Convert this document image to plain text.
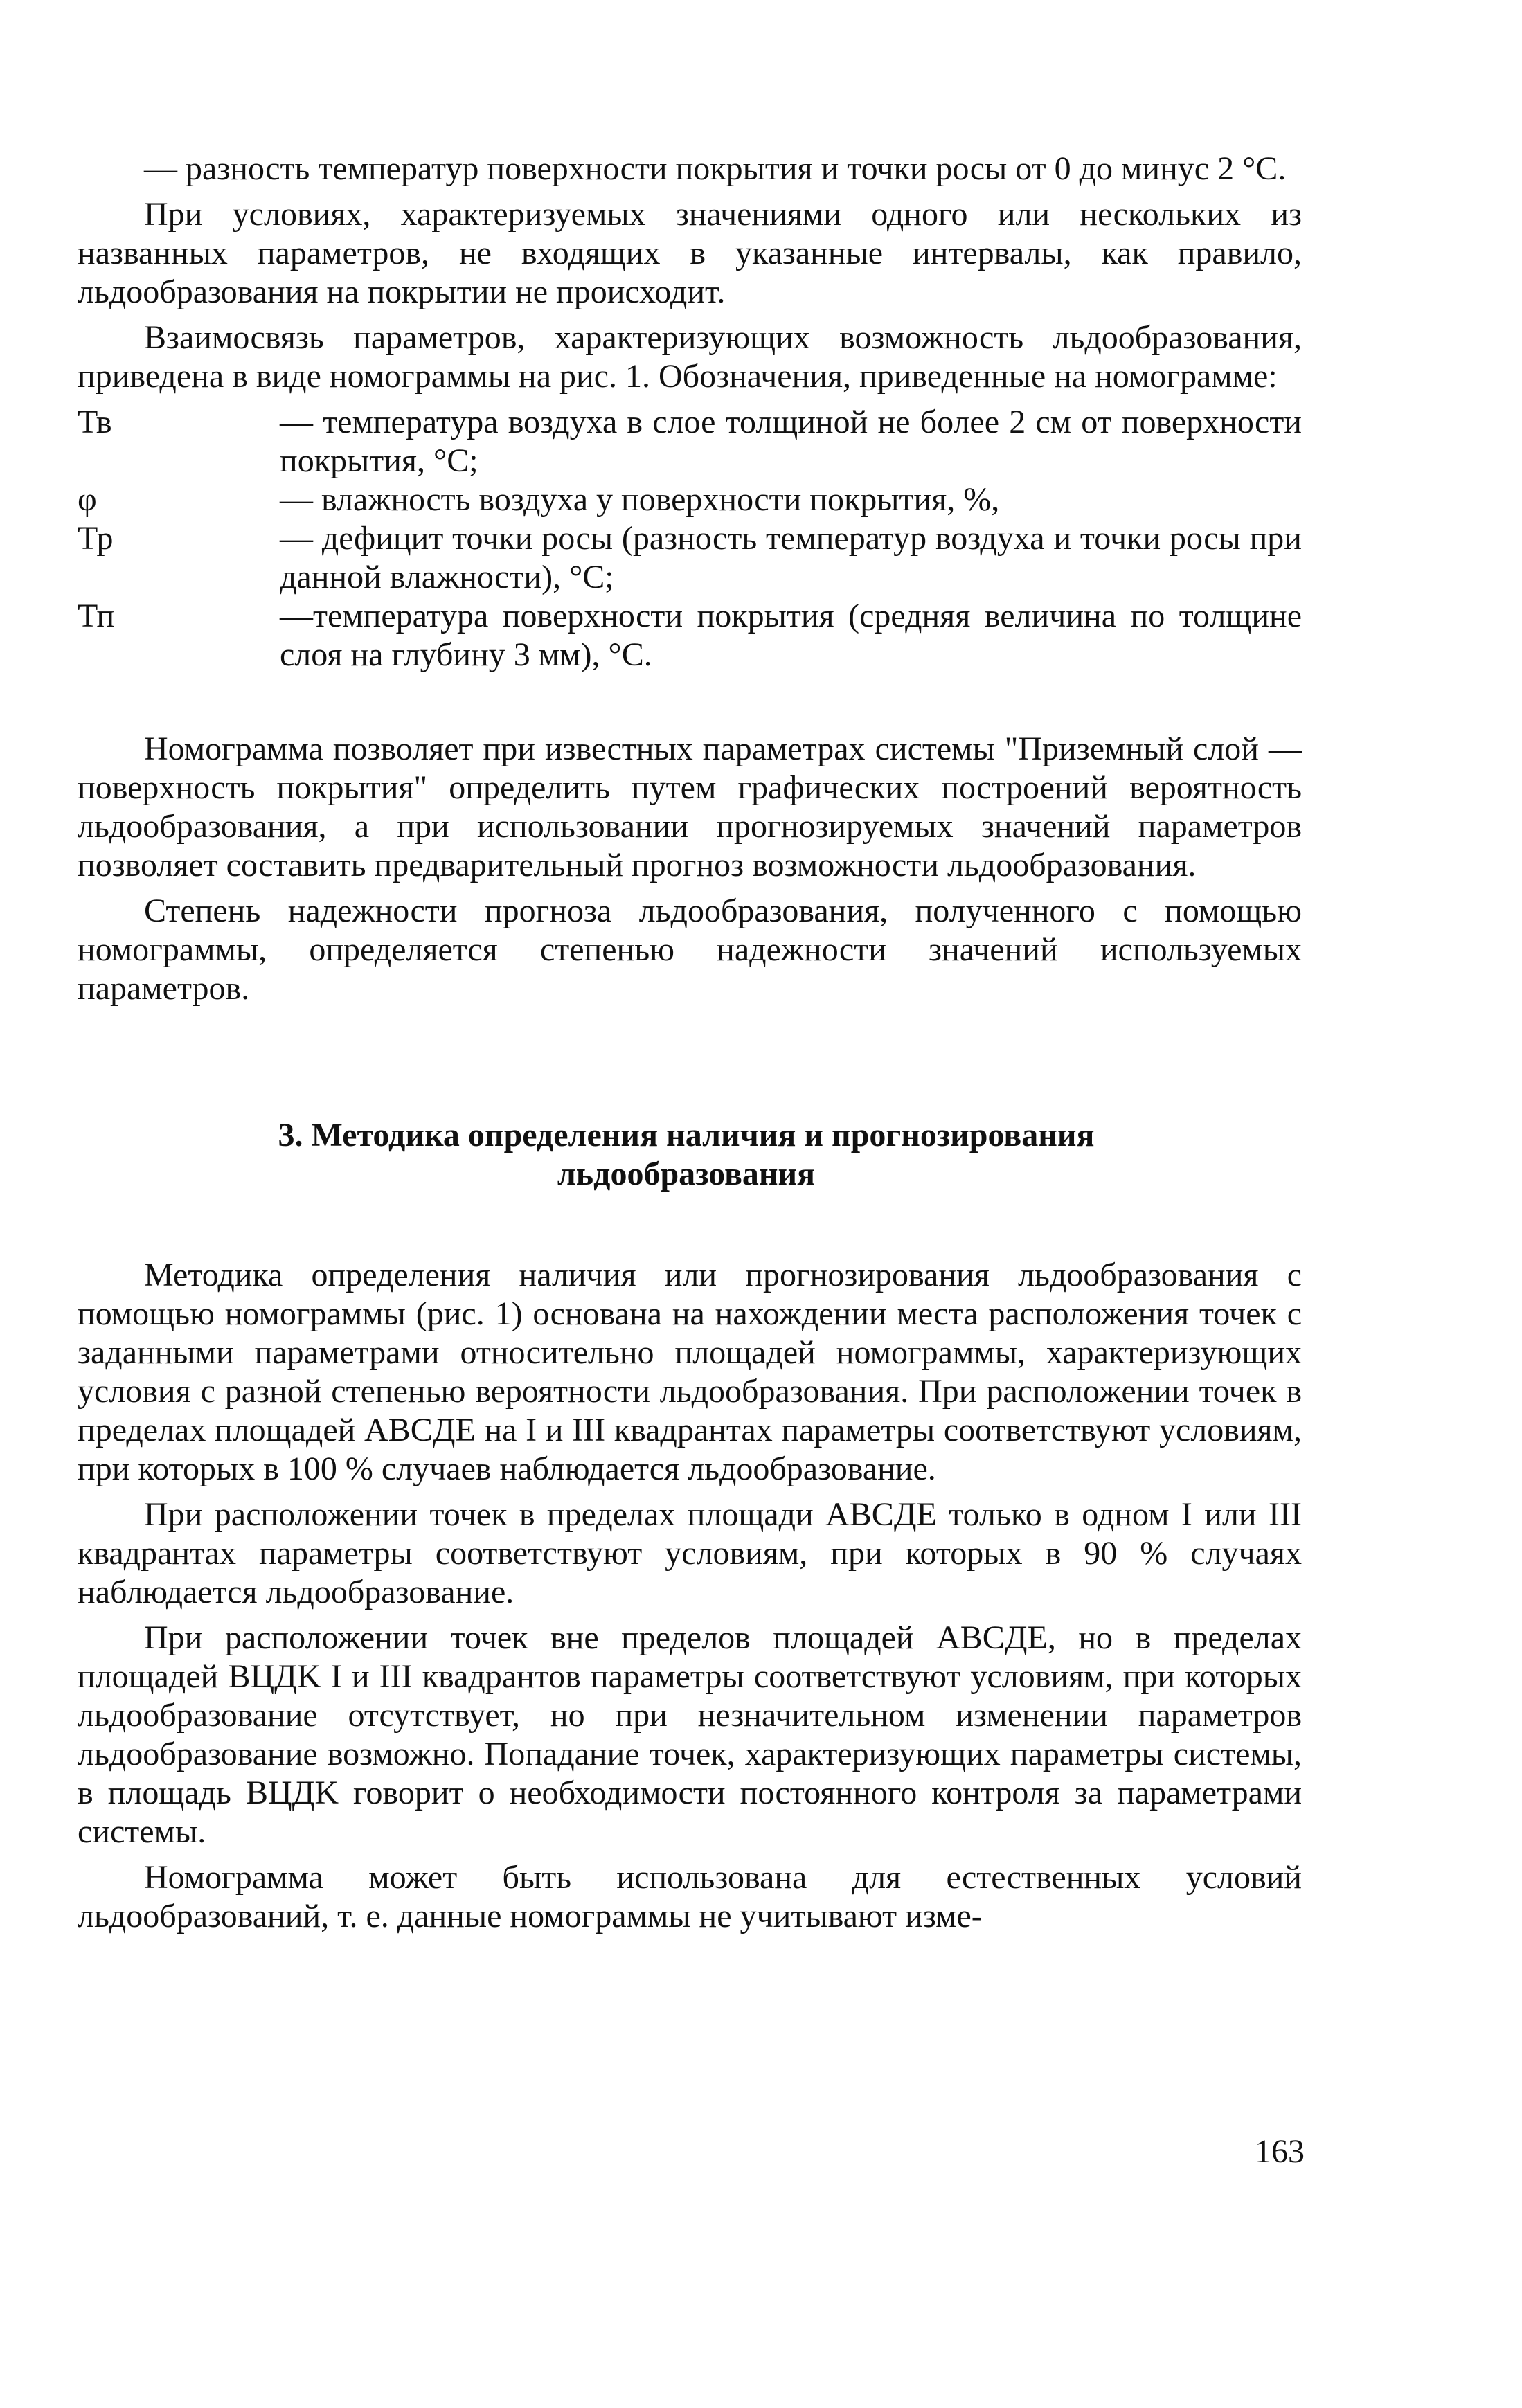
— разность температур поверхности покрытия и точки росы от 0 до минус 2 °С.

При условиях, характеризуемых значениями одного или нескольких из названных параметров, не входящих в указанные интервалы, как правило, льдообразования на покрытии не происходит.

Взаимосвязь параметров, характеризующих возможность льдообразования, приведена в виде номограммы на рис. 1. Обозначения, приведенные на номограмме:

Тв	— температура воздуха в слое толщиной не более 2 см от поверхности покрытия, °С;
φ	— влажность воздуха у поверхности покрытия, %,
Тр	— дефицит точки росы (разность температур воздуха и точки росы при данной влажности), °С;
Тп	—температура поверхности покрытия (средняя величина по толщине слоя на глубину 3 мм), °С.

Номограмма позволяет при известных параметрах системы "Приземный слой — поверхность покрытия" определить путем графических построений вероятность льдообразования, а при использовании прогнозируемых значений параметров позволяет составить предварительный прогноз возможности льдообразования.

Степень надежности прогноза льдообразования, полученного с помощью номограммы, определяется степенью надежности значений используемых параметров.

3. Методика определения наличия и прогнозирования льдообразования

Методика определения наличия или прогнозирования льдообразования с помощью номограммы (рис. 1) основана на нахождении места расположения точек с заданными параметрами относительно площадей номограммы, характеризующих условия с разной степенью вероятности льдообразования. При расположении точек в пределах площадей ABCДE на I и III квадрантах параметры соответствуют условиям, при которых в 100 % случаев наблюдается льдообразование.

При расположении точек в пределах площади ABCДE только в одном I или III квадрантах параметры соответствуют условиям, при которых в 90 % случаях наблюдается льдообразование.

При расположении точек вне пределов площадей ABCДE, но в пределах площадей BЦДK I и III квадрантов параметры соответствуют условиям, при которых льдообразование отсутствует, но при незначительном изменении параметров льдообразование возможно. Попадание точек, характеризующих параметры системы, в площадь BЦДK говорит о необходимости постоянного контроля за параметрами системы.

Номограмма может быть использована для естественных условий льдообразований, т. е. данные номограммы не учитывают изме-

163
